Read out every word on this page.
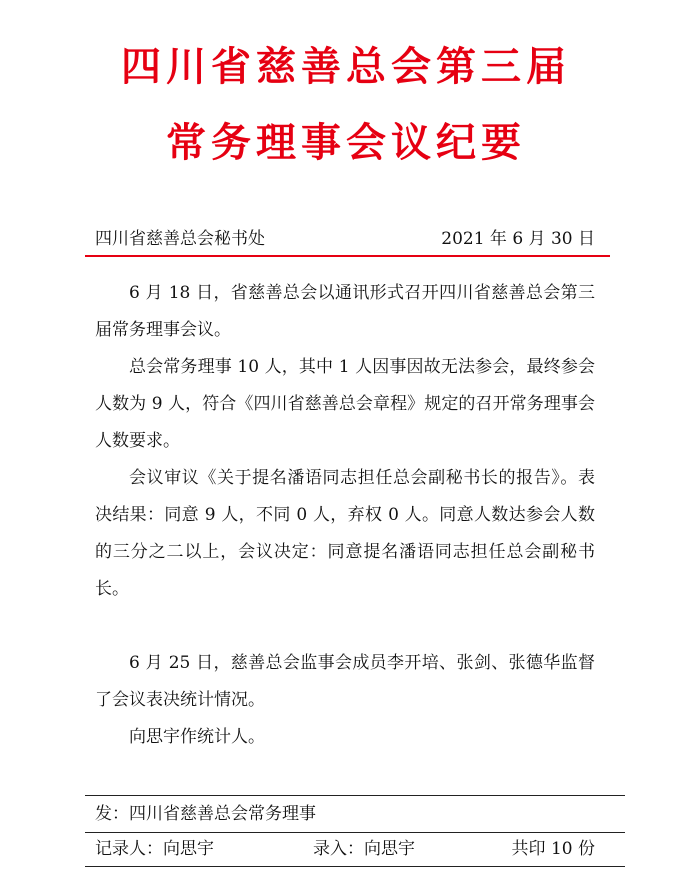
四川省慈善总会第三届
常务理事会议纪要
四川省慈善总会秘书处	2021 年 6 月 30 日

6 月 18 日，省慈善总会以通讯形式召开四川省慈善总会第三届常务理事会议。

总会常务理事 10 人，其中 1 人因事因故无法参会，最终参会人数为 9 人，符合《四川省慈善总会章程》规定的召开常务理事会人数要求。

会议审议《关于提名潘语同志担任总会副秘书长的报告》。表决结果：同意 9 人，不同 0 人，弃权 0 人。同意人数达参会人数的三分之二以上，会议决定：同意提名潘语同志担任总会副秘书长。

6 月 25 日，慈善总会监事会成员李开培、张剑、张德华监督了会议表决统计情况。

向思宇作统计人。

发：四川省慈善总会常务理事
记录人：向思宇	录入：向思宇	共印 10 份
